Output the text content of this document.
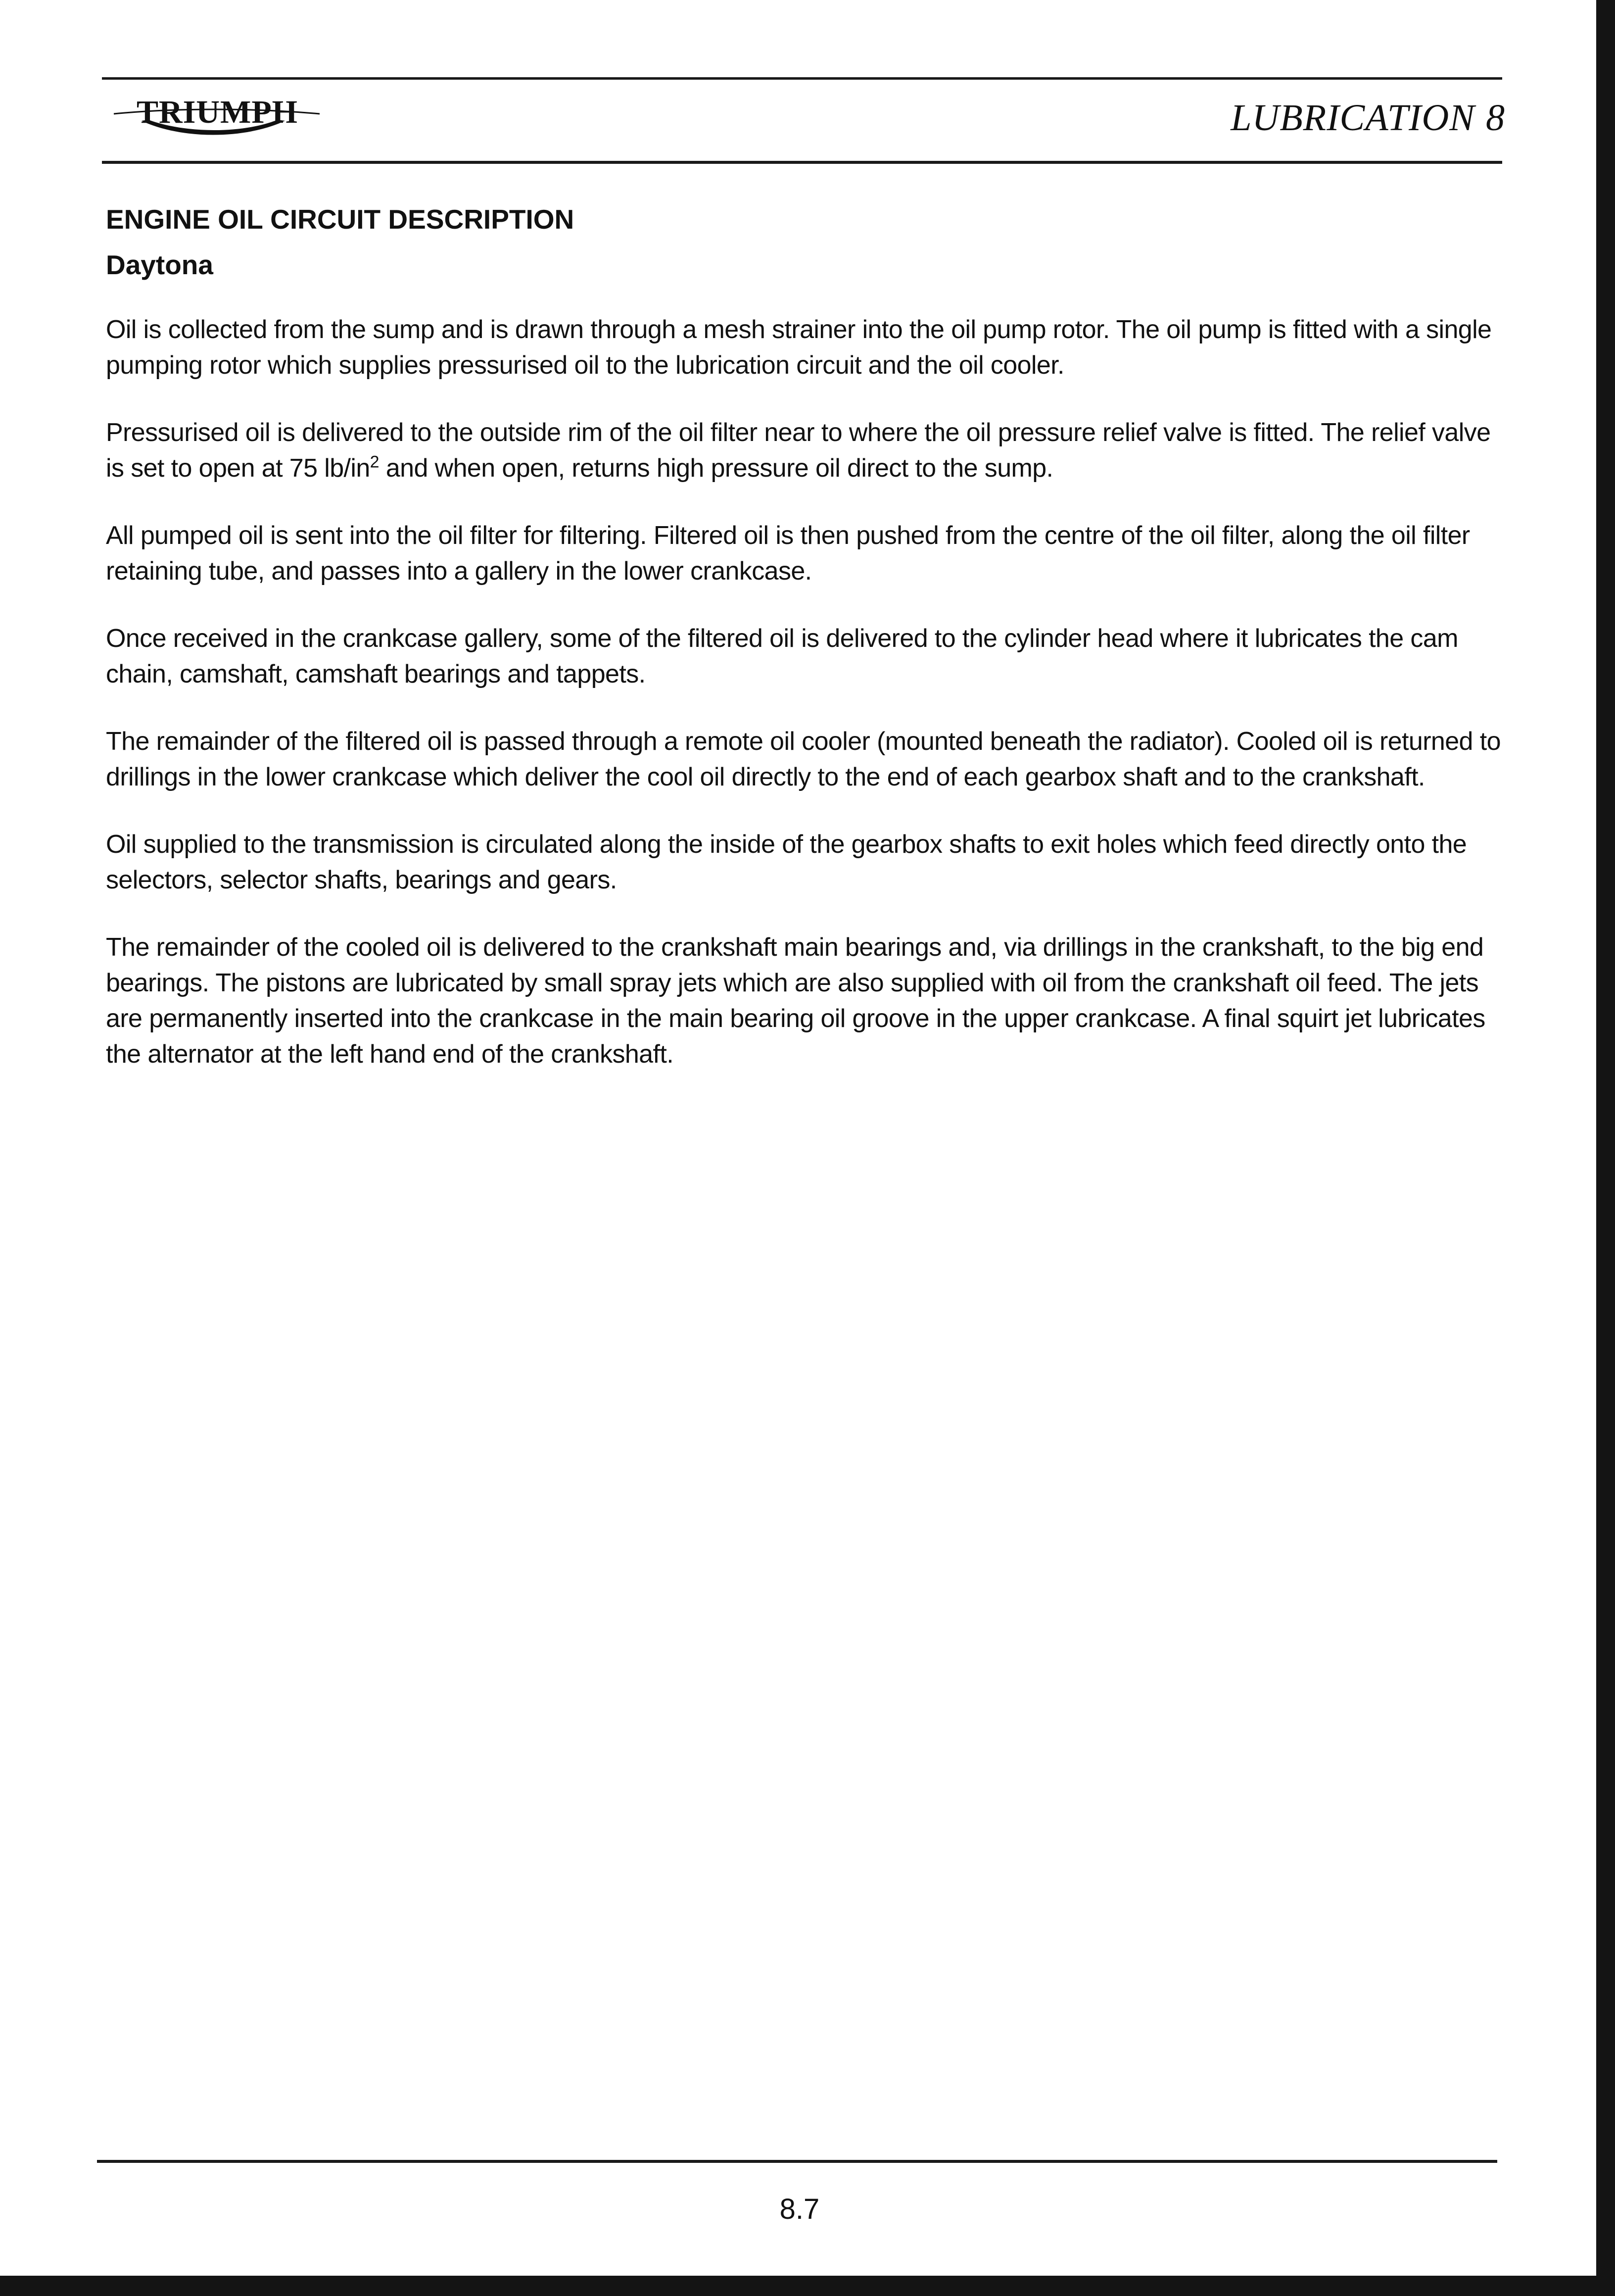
TRIUMPH	LUBRICATION 8
ENGINE OIL CIRCUIT DESCRIPTION
Daytona

Oil is collected from the sump and is drawn through a mesh strainer into the oil pump rotor. The oil pump is fitted with a single pumping rotor which supplies pressurised oil to the lubrication circuit and the oil cooler.

Pressurised oil is delivered to the outside rim of the oil filter near to where the oil pressure relief valve is fitted. The relief valve is set to open at 75 $lb/in^2$ and when open, returns high pressure oil direct to the sump.

All pumped oil is sent into the oil filter for filtering. Filtered oil is then pushed from the centre of the oil filter, along the oil filter retaining tube, and passes into a gallery in the lower crankcase.

Once received in the crankcase gallery, some of the filtered oil is delivered to the cylinder head where it lubricates the cam chain, camshaft, camshaft bearings and tappets.

The remainder of the filtered oil is passed through a remote oil cooler (mounted beneath the radiator). Cooled oil is returned to drillings in the lower crankcase which deliver the cool oil directly to the end of each gearbox shaft and to the crankshaft.

Oil supplied to the transmission is circulated along the inside of the gearbox shafts to exit holes which feed directly onto the selectors, selector shafts, bearings and gears.

The remainder of the cooled oil is delivered to the crankshaft main bearings and, via drillings in the crankshaft, to the big end bearings. The pistons are lubricated by small spray jets which are also supplied with oil from the crankshaft oil feed. The jets are permanently inserted into the crankcase in the main bearing oil groove in the upper crankcase. A final squirt jet lubricates the alternator at the left hand end of the crankshaft.

8.7
